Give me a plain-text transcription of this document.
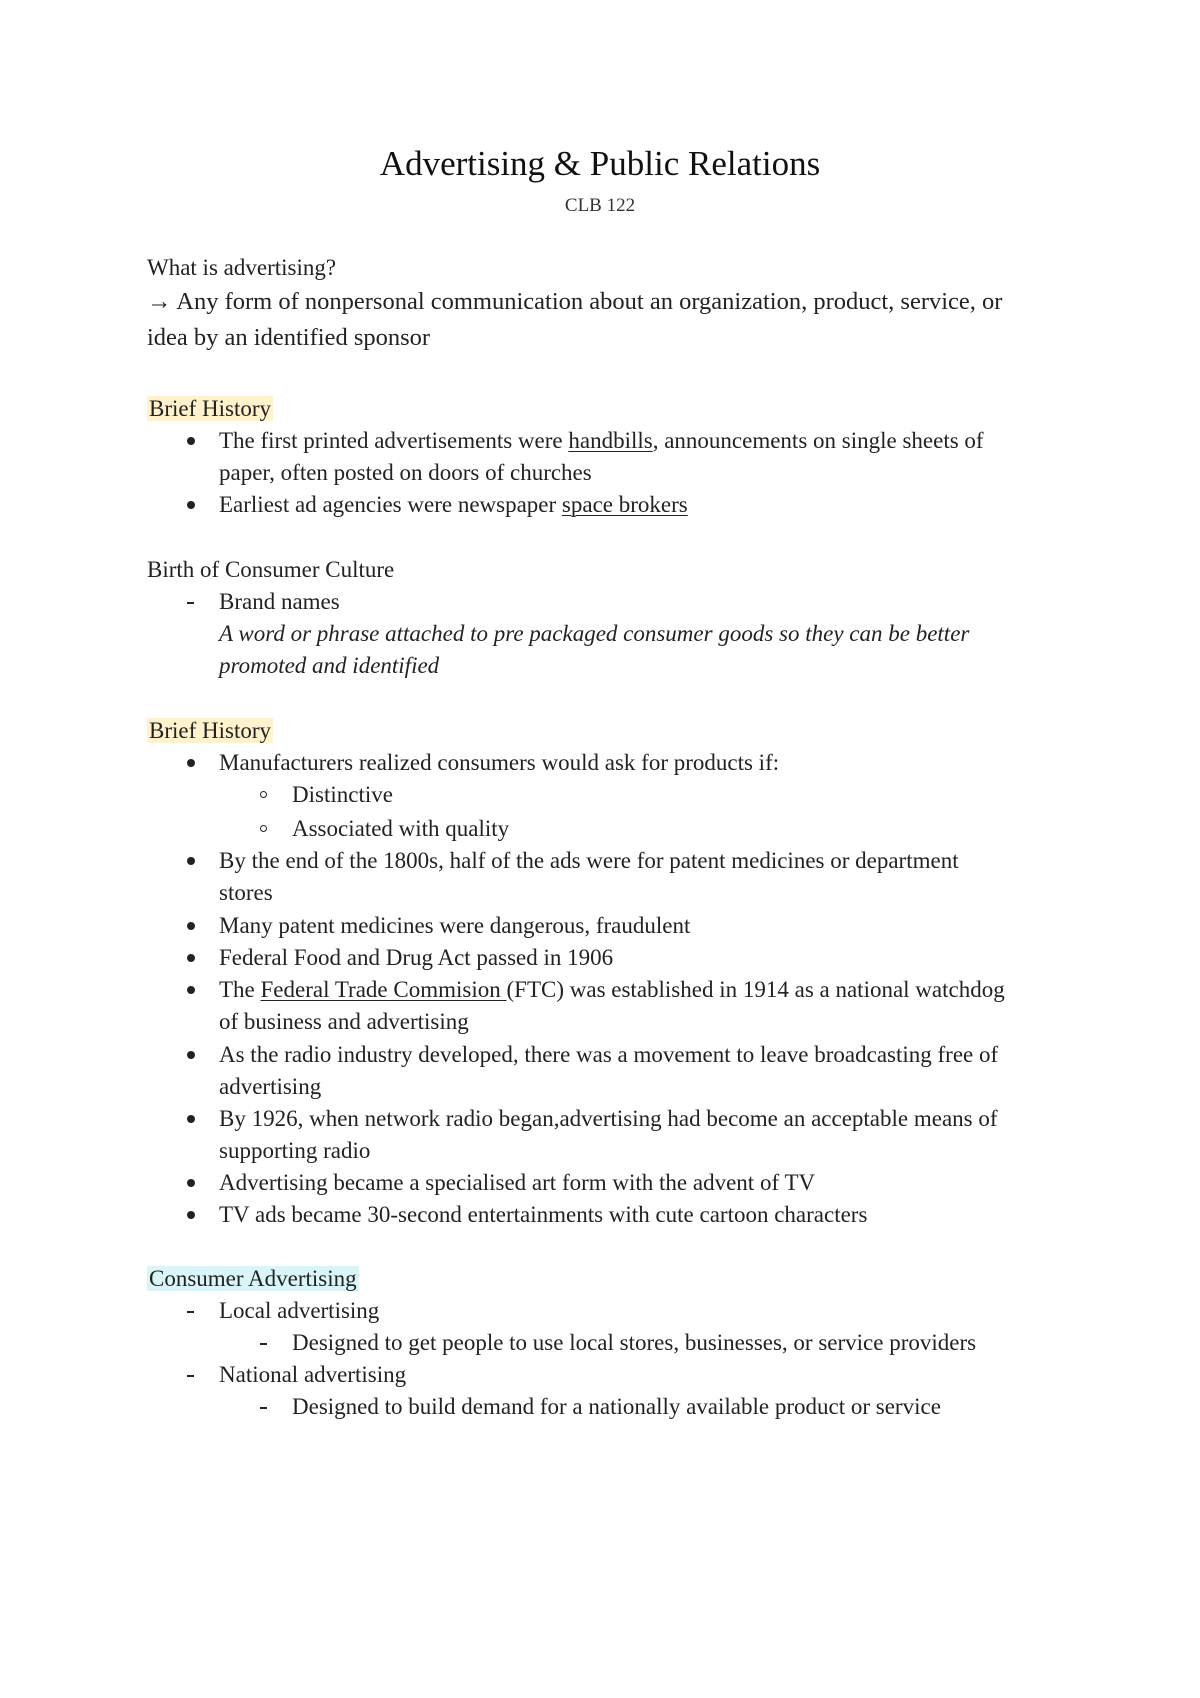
Advertising & Public Relations
CLB 122
What is advertising?
→ Any form of nonpersonal communication about an organization, product, service, or
idea by an identified sponsor
Brief History
The first printed advertisements were handbills, announcements on single sheets of
paper, often posted on doors of churches
Earliest ad agencies were newspaper space brokers
Birth of Consumer Culture
Brand names
A word or phrase attached to pre packaged consumer goods so they can be better
promoted and identified
Brief History
Manufacturers realized consumers would ask for products if:
Distinctive
Associated with quality
By the end of the 1800s, half of the ads were for patent medicines or department
stores
Many patent medicines were dangerous, fraudulent
Federal Food and Drug Act passed in 1906
The Federal Trade Commision (FTC) was established in 1914 as a national watchdog
of business and advertising
As the radio industry developed, there was a movement to leave broadcasting free of
advertising
By 1926, when network radio began,advertising had become an acceptable means of
supporting radio
Advertising became a specialised art form with the advent of TV
TV ads became 30-second entertainments with cute cartoon characters
Consumer Advertising
Local advertising
Designed to get people to use local stores, businesses, or service providers
National advertising
Designed to build demand for a nationally available product or service
